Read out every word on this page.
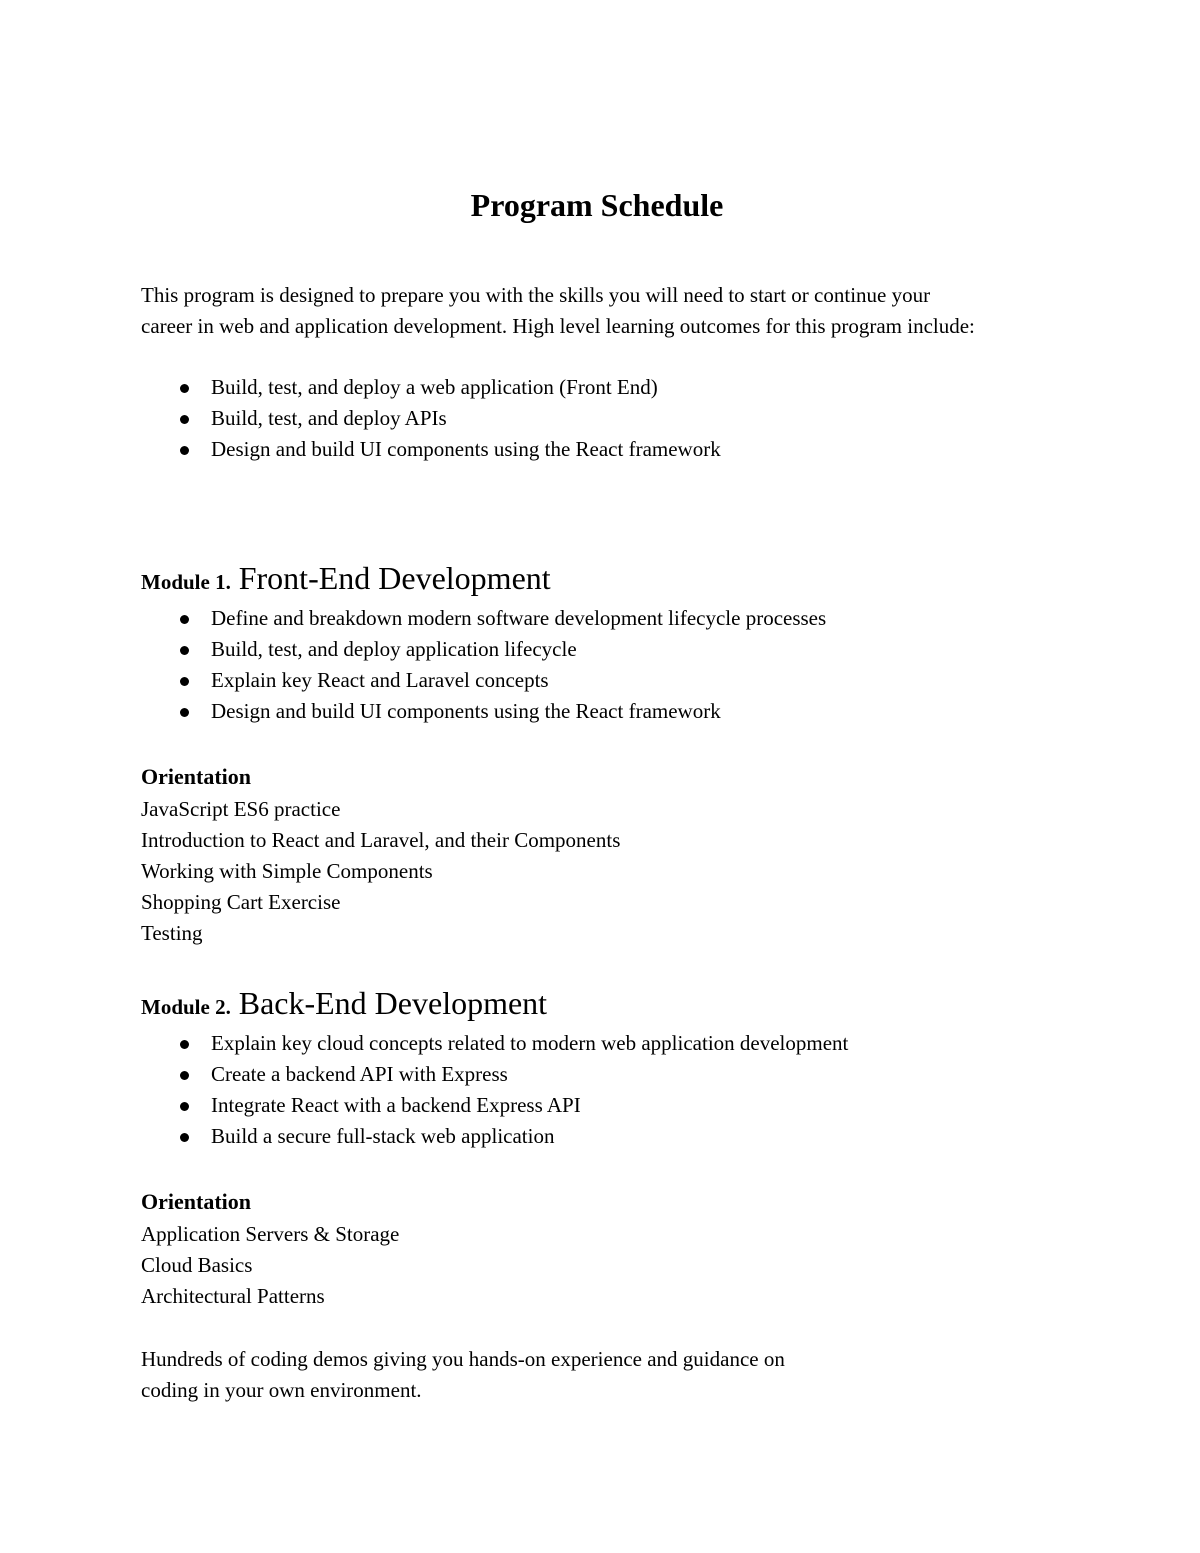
Program Schedule

This program is designed to prepare you with the skills you will need to start or continue your

career in web and application development. High level learning outcomes for this program include:

Build, test, and deploy a web application (Front End)
Build, test, and deploy APIs
Design and build UI components using the React framework
Module 1. Front-End Development
Define and breakdown modern software development lifecycle processes
Build, test, and deploy application lifecycle
Explain key React and Laravel concepts
Design and build UI components using the React framework
Orientation
JavaScript ES6 practice
Introduction to React and Laravel, and their Components
Working with Simple Components
Shopping Cart Exercise
Testing
Module 2. Back-End Development
Explain key cloud concepts related to modern web application development
Create a backend API with Express
Integrate React with a backend Express API
Build a secure full-stack web application
Orientation
Application Servers & Storage
Cloud Basics
Architectural Patterns

Hundreds of coding demos giving you hands-on experience and guidance on

coding in your own environment.
